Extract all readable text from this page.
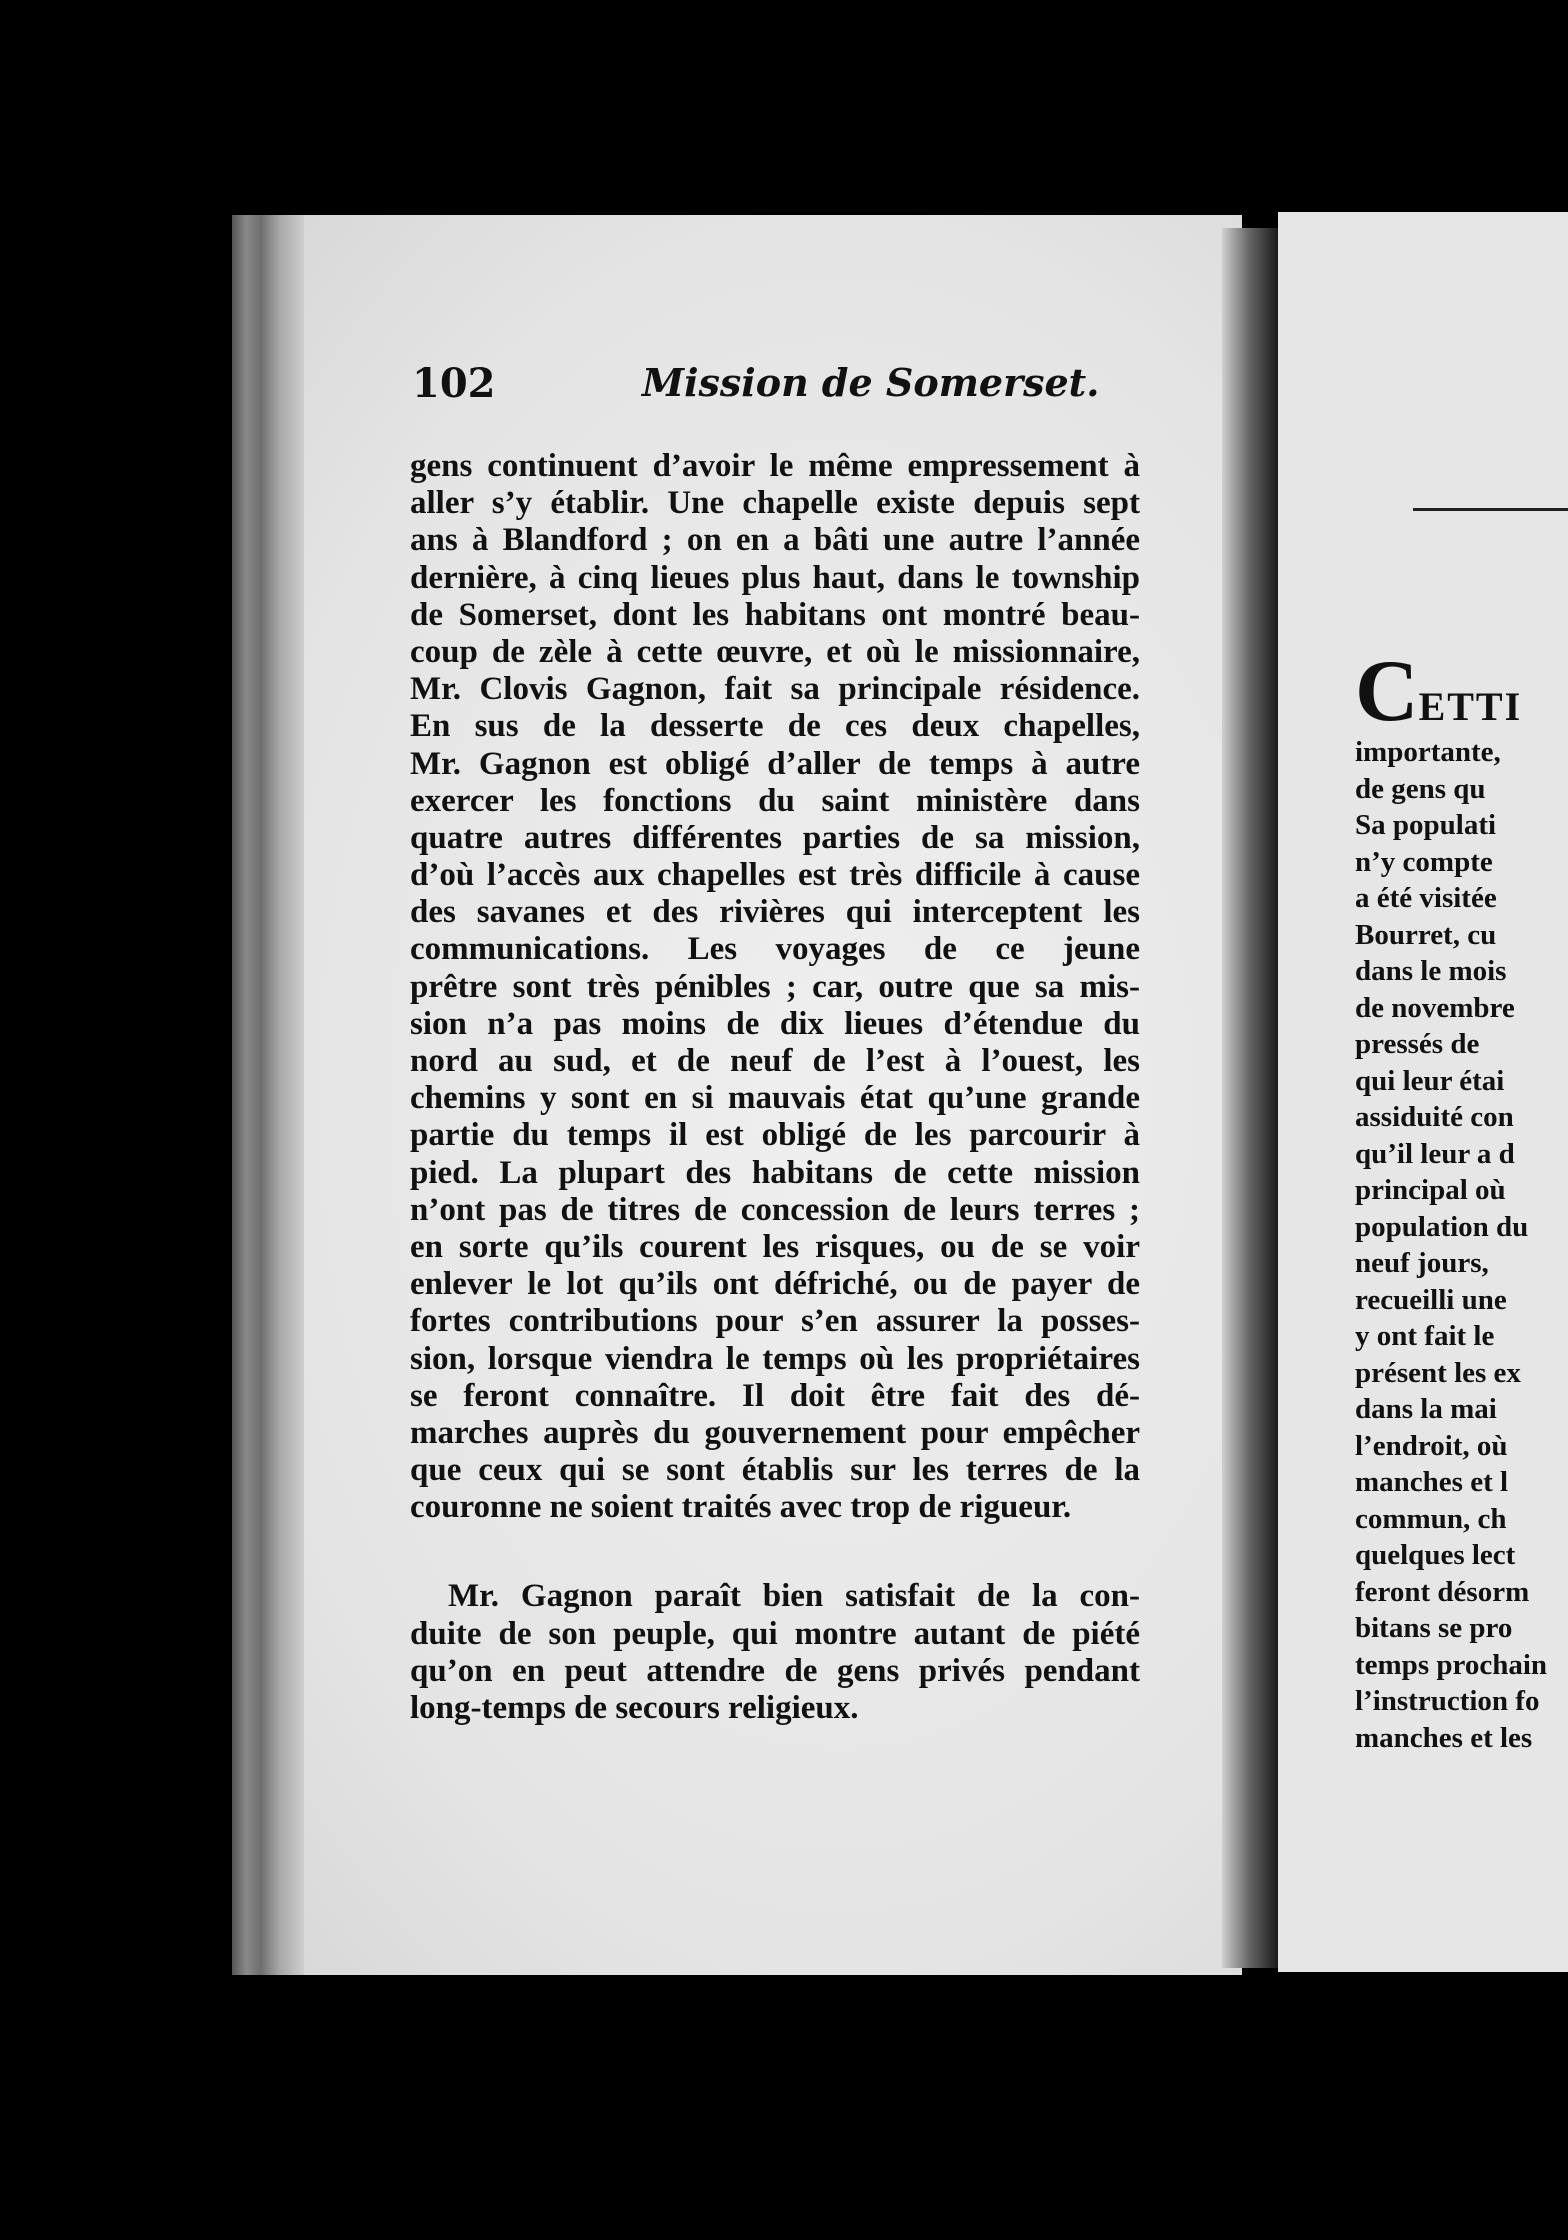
102	Mission de Somerset.
gens continuent d’avoir le même empressement à
aller s’y établir. Une chapelle existe depuis sept
ans à Blandford ; on en a bâti une autre l’année
dernière, à cinq lieues plus haut, dans le township
de Somerset, dont les habitans ont montré beau-
coup de zèle à cette œuvre, et où le missionnaire,
Mr. Clovis Gagnon, fait sa principale résidence.
En sus de la desserte de ces deux chapelles,
Mr. Gagnon est obligé d’aller de temps à autre
exercer les fonctions du saint ministère dans
quatre autres différentes parties de sa mission,
d’où l’accès aux chapelles est très difficile à cause
des savanes et des rivières qui interceptent les
communications. Les voyages de ce jeune
prêtre sont très pénibles ; car, outre que sa mis-
sion n’a pas moins de dix lieues d’étendue du
nord au sud, et de neuf de l’est à l’ouest, les
chemins y sont en si mauvais état qu’une grande
partie du temps il est obligé de les parcourir à
pied. La plupart des habitans de cette mission
n’ont pas de titres de concession de leurs terres ;
en sorte qu’ils courent les risques, ou de se voir
enlever le lot qu’ils ont défriché, ou de payer de
fortes contributions pour s’en assurer la posses-
sion, lorsque viendra le temps où les propriétaires
se feront connaître. Il doit être fait des dé-
marches auprès du gouvernement pour empêcher
que ceux qui se sont établis sur les terres de la
couronne ne soient traités avec trop de rigueur.
Mr. Gagnon paraît bien satisfait de la con-
duite de son peuple, qui montre autant de piété
qu’on en peut attendre de gens privés pendant
long-temps de secours religieux.
CETTI
importante,
de gens qu
Sa populati
n’y compte
a été visitée
Bourret, cu
dans le mois
de novembre
pressés de
qui leur étai
assiduité con
qu’il leur a d
principal où
population du
neuf jours,
recueilli une
y ont fait le
présent les ex
dans la mai
l’endroit, où
manches et l
commun, ch
quelques lect
feront désorm
bitans se pro
temps prochain
l’instruction fo
manches et les
